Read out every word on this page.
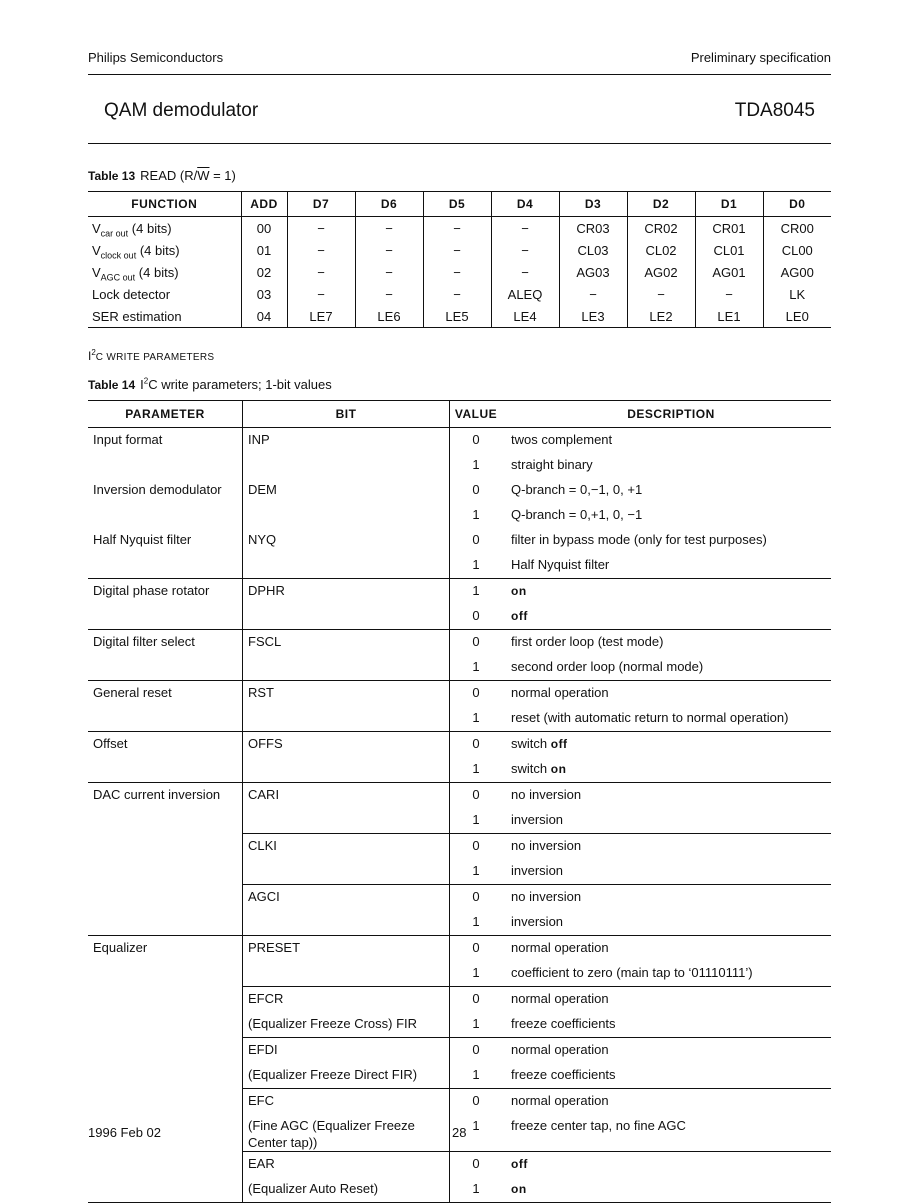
Philips Semiconductors	Preliminary specification
QAM demodulator	TDA8045
Table 13 READ $(R/\overline{W} = 1)$
FUNCTION	ADD	D7	D6	D5	D4	D3	D2	D1	D0
$V_{car out}$ (4 bits)	00	−	−	−	−	CR03	CR02	CR01	CR00
$V_{clock out}$ (4 bits)	01	−	−	−	−	CL03	CL02	CL01	CL00
$V_{AGC out}$ (4 bits)	02	−	−	−	−	AG03	AG02	AG01	AG00
Lock detector	03	−	−	−	ALEQ	−	−	−	LK
SER estimation	04	LE7	LE6	LE5	LE4	LE3	LE2	LE1	LE0
$I^2C$ WRITE PARAMETERS
Table 14 $I^2C$ write parameters; 1-bit values
PARAMETER	BIT	VALUE	DESCRIPTION
Input format	INP	0	twos complement
		1	straight binary
Inversion demodulator	DEM	0	Q-branch = 0,−1, 0, +1
		1	Q-branch = 0,+1, 0, −1
Half Nyquist filter	NYQ	0	filter in bypass mode (only for test purposes)
		1	Half Nyquist filter
Digital phase rotator	DPHR	1	on
		0	off
Digital filter select	FSCL	0	first order loop (test mode)
		1	second order loop (normal mode)
General reset	RST	0	normal operation
		1	reset (with automatic return to normal operation)
Offset	OFFS	0	switch off
		1	switch on
DAC current inversion	CARI	0	no inversion
		1	inversion
	CLKI	0	no inversion
		1	inversion
	AGCI	0	no inversion
		1	inversion
Equalizer	PRESET	0	normal operation
		1	coefficient to zero (main tap to ‘01110111’)
	EFCR	0	normal operation
	(Equalizer Freeze Cross) FIR	1	freeze coefficients
	EFDI	0	normal operation
	(Equalizer Freeze Direct FIR)	1	freeze coefficients
	EFC	0	normal operation
	(Fine AGC (Equalizer Freeze Center tap))	1	freeze center tap, no fine AGC
	EAR	0	off
	(Equalizer Auto Reset)	1	on
1996 Feb 02	28
